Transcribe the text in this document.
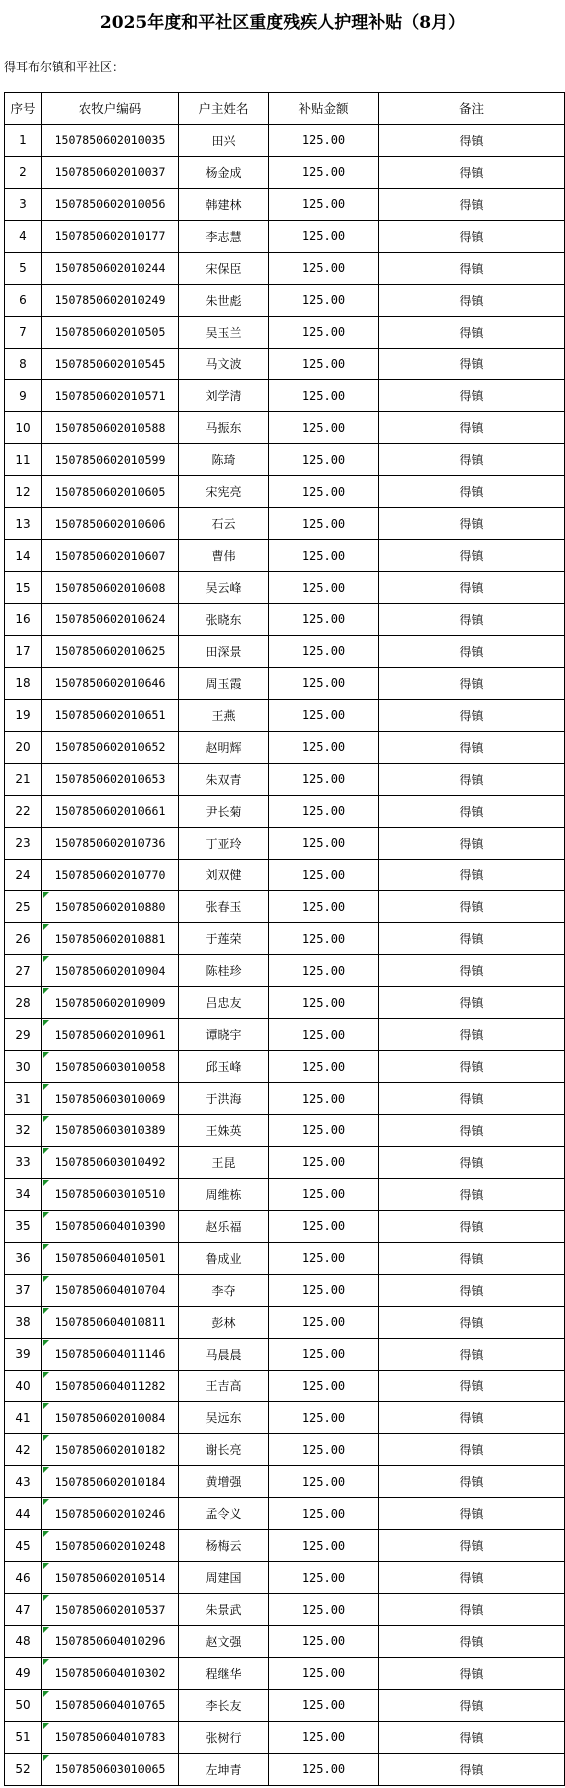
2025年度和平社区重度残疾人护理补贴（8月）
得耳布尔镇和平社区：
序号	农牧户编码	户主姓名	补贴金额	备注
1	1507850602010035	田兴	125.00	得镇
2	1507850602010037	杨金成	125.00	得镇
3	1507850602010056	韩建林	125.00	得镇
4	1507850602010177	李志慧	125.00	得镇
5	1507850602010244	宋保臣	125.00	得镇
6	1507850602010249	朱世彪	125.00	得镇
7	1507850602010505	吴玉兰	125.00	得镇
8	1507850602010545	马文波	125.00	得镇
9	1507850602010571	刘学清	125.00	得镇
10	1507850602010588	马振东	125.00	得镇
11	1507850602010599	陈琦	125.00	得镇
12	1507850602010605	宋宪亮	125.00	得镇
13	1507850602010606	石云	125.00	得镇
14	1507850602010607	曹伟	125.00	得镇
15	1507850602010608	吴云峰	125.00	得镇
16	1507850602010624	张晓东	125.00	得镇
17	1507850602010625	田深景	125.00	得镇
18	1507850602010646	周玉霞	125.00	得镇
19	1507850602010651	王燕	125.00	得镇
20	1507850602010652	赵明辉	125.00	得镇
21	1507850602010653	朱双青	125.00	得镇
22	1507850602010661	尹长菊	125.00	得镇
23	1507850602010736	丁亚玲	125.00	得镇
24	1507850602010770	刘双健	125.00	得镇
25	1507850602010880	张春玉	125.00	得镇
26	1507850602010881	于莲荣	125.00	得镇
27	1507850602010904	陈桂珍	125.00	得镇
28	1507850602010909	吕忠友	125.00	得镇
29	1507850602010961	谭晓宇	125.00	得镇
30	1507850603010058	邱玉峰	125.00	得镇
31	1507850603010069	于洪海	125.00	得镇
32	1507850603010389	王姝英	125.00	得镇
33	1507850603010492	王昆	125.00	得镇
34	1507850603010510	周维栋	125.00	得镇
35	1507850604010390	赵乐福	125.00	得镇
36	1507850604010501	鲁成业	125.00	得镇
37	1507850604010704	李夺	125.00	得镇
38	1507850604010811	彭林	125.00	得镇
39	1507850604011146	马晨晨	125.00	得镇
40	1507850604011282	王吉高	125.00	得镇
41	1507850602010084	吴远东	125.00	得镇
42	1507850602010182	谢长亮	125.00	得镇
43	1507850602010184	黄增强	125.00	得镇
44	1507850602010246	孟令义	125.00	得镇
45	1507850602010248	杨梅云	125.00	得镇
46	1507850602010514	周建国	125.00	得镇
47	1507850602010537	朱景武	125.00	得镇
48	1507850604010296	赵文强	125.00	得镇
49	1507850604010302	程继华	125.00	得镇
50	1507850604010765	李长友	125.00	得镇
51	1507850604010783	张树行	125.00	得镇
52	1507850603010065	左坤青	125.00	得镇
